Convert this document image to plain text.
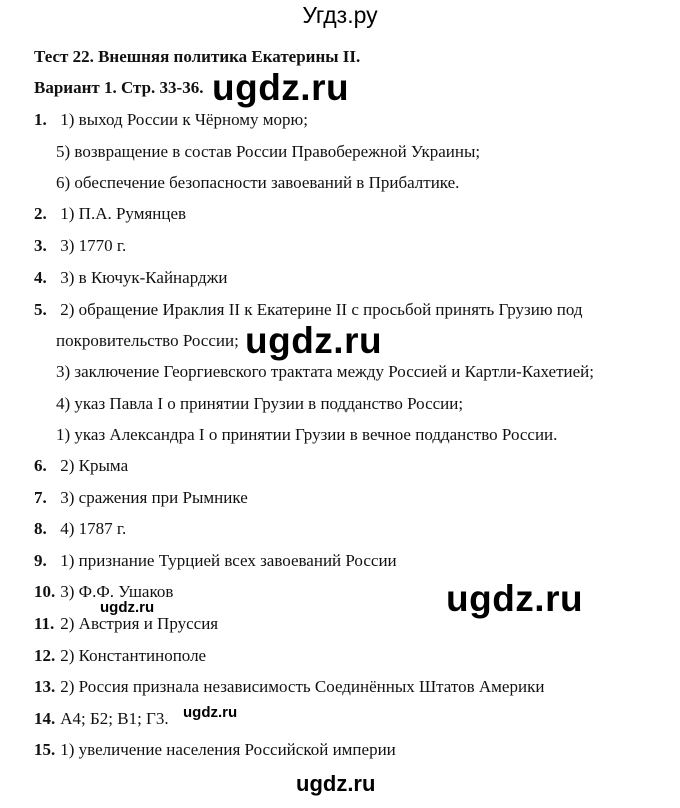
Угдз.ру
Тест 22. Внешняя политика Екатерины II.
Вариант 1. Стр. 33-36.
1. 1) выход России к Чёрному морю;
5) возвращение в состав России Правобережной Украины;
6) обеспечение безопасности завоеваний в Прибалтике.
2. 1) П.А. Румянцев
3. 3) 1770 г.
4. 3) в Кючук-Кайнарджи
5. 2) обращение Ираклия II к Екатерине II с просьбой принять Грузию под
покровительство России;
3) заключение Георгиевского трактата между Россией и Картли-Кахетией;
4) указ Павла I о принятии Грузии в подданство России;
1) указ Александра I о принятии Грузии в вечное подданство России.
6. 2) Крыма
7. 3) сражения при Рымнике
8. 4) 1787 г.
9. 1) признание Турцией всех завоеваний России
10. 3) Ф.Ф. Ушаков
11. 2) Австрия и Пруссия
12. 2) Константинополе
13. 2) Россия признала независимость Соединённых Штатов Америки
14. А4; Б2; В1; Г3.
15. 1) увеличение населения Российской империи
ugdz.ru
ugdz.ru
ugdz.ru
ugdz.ru
ugdz.ru
ugdz.ru
